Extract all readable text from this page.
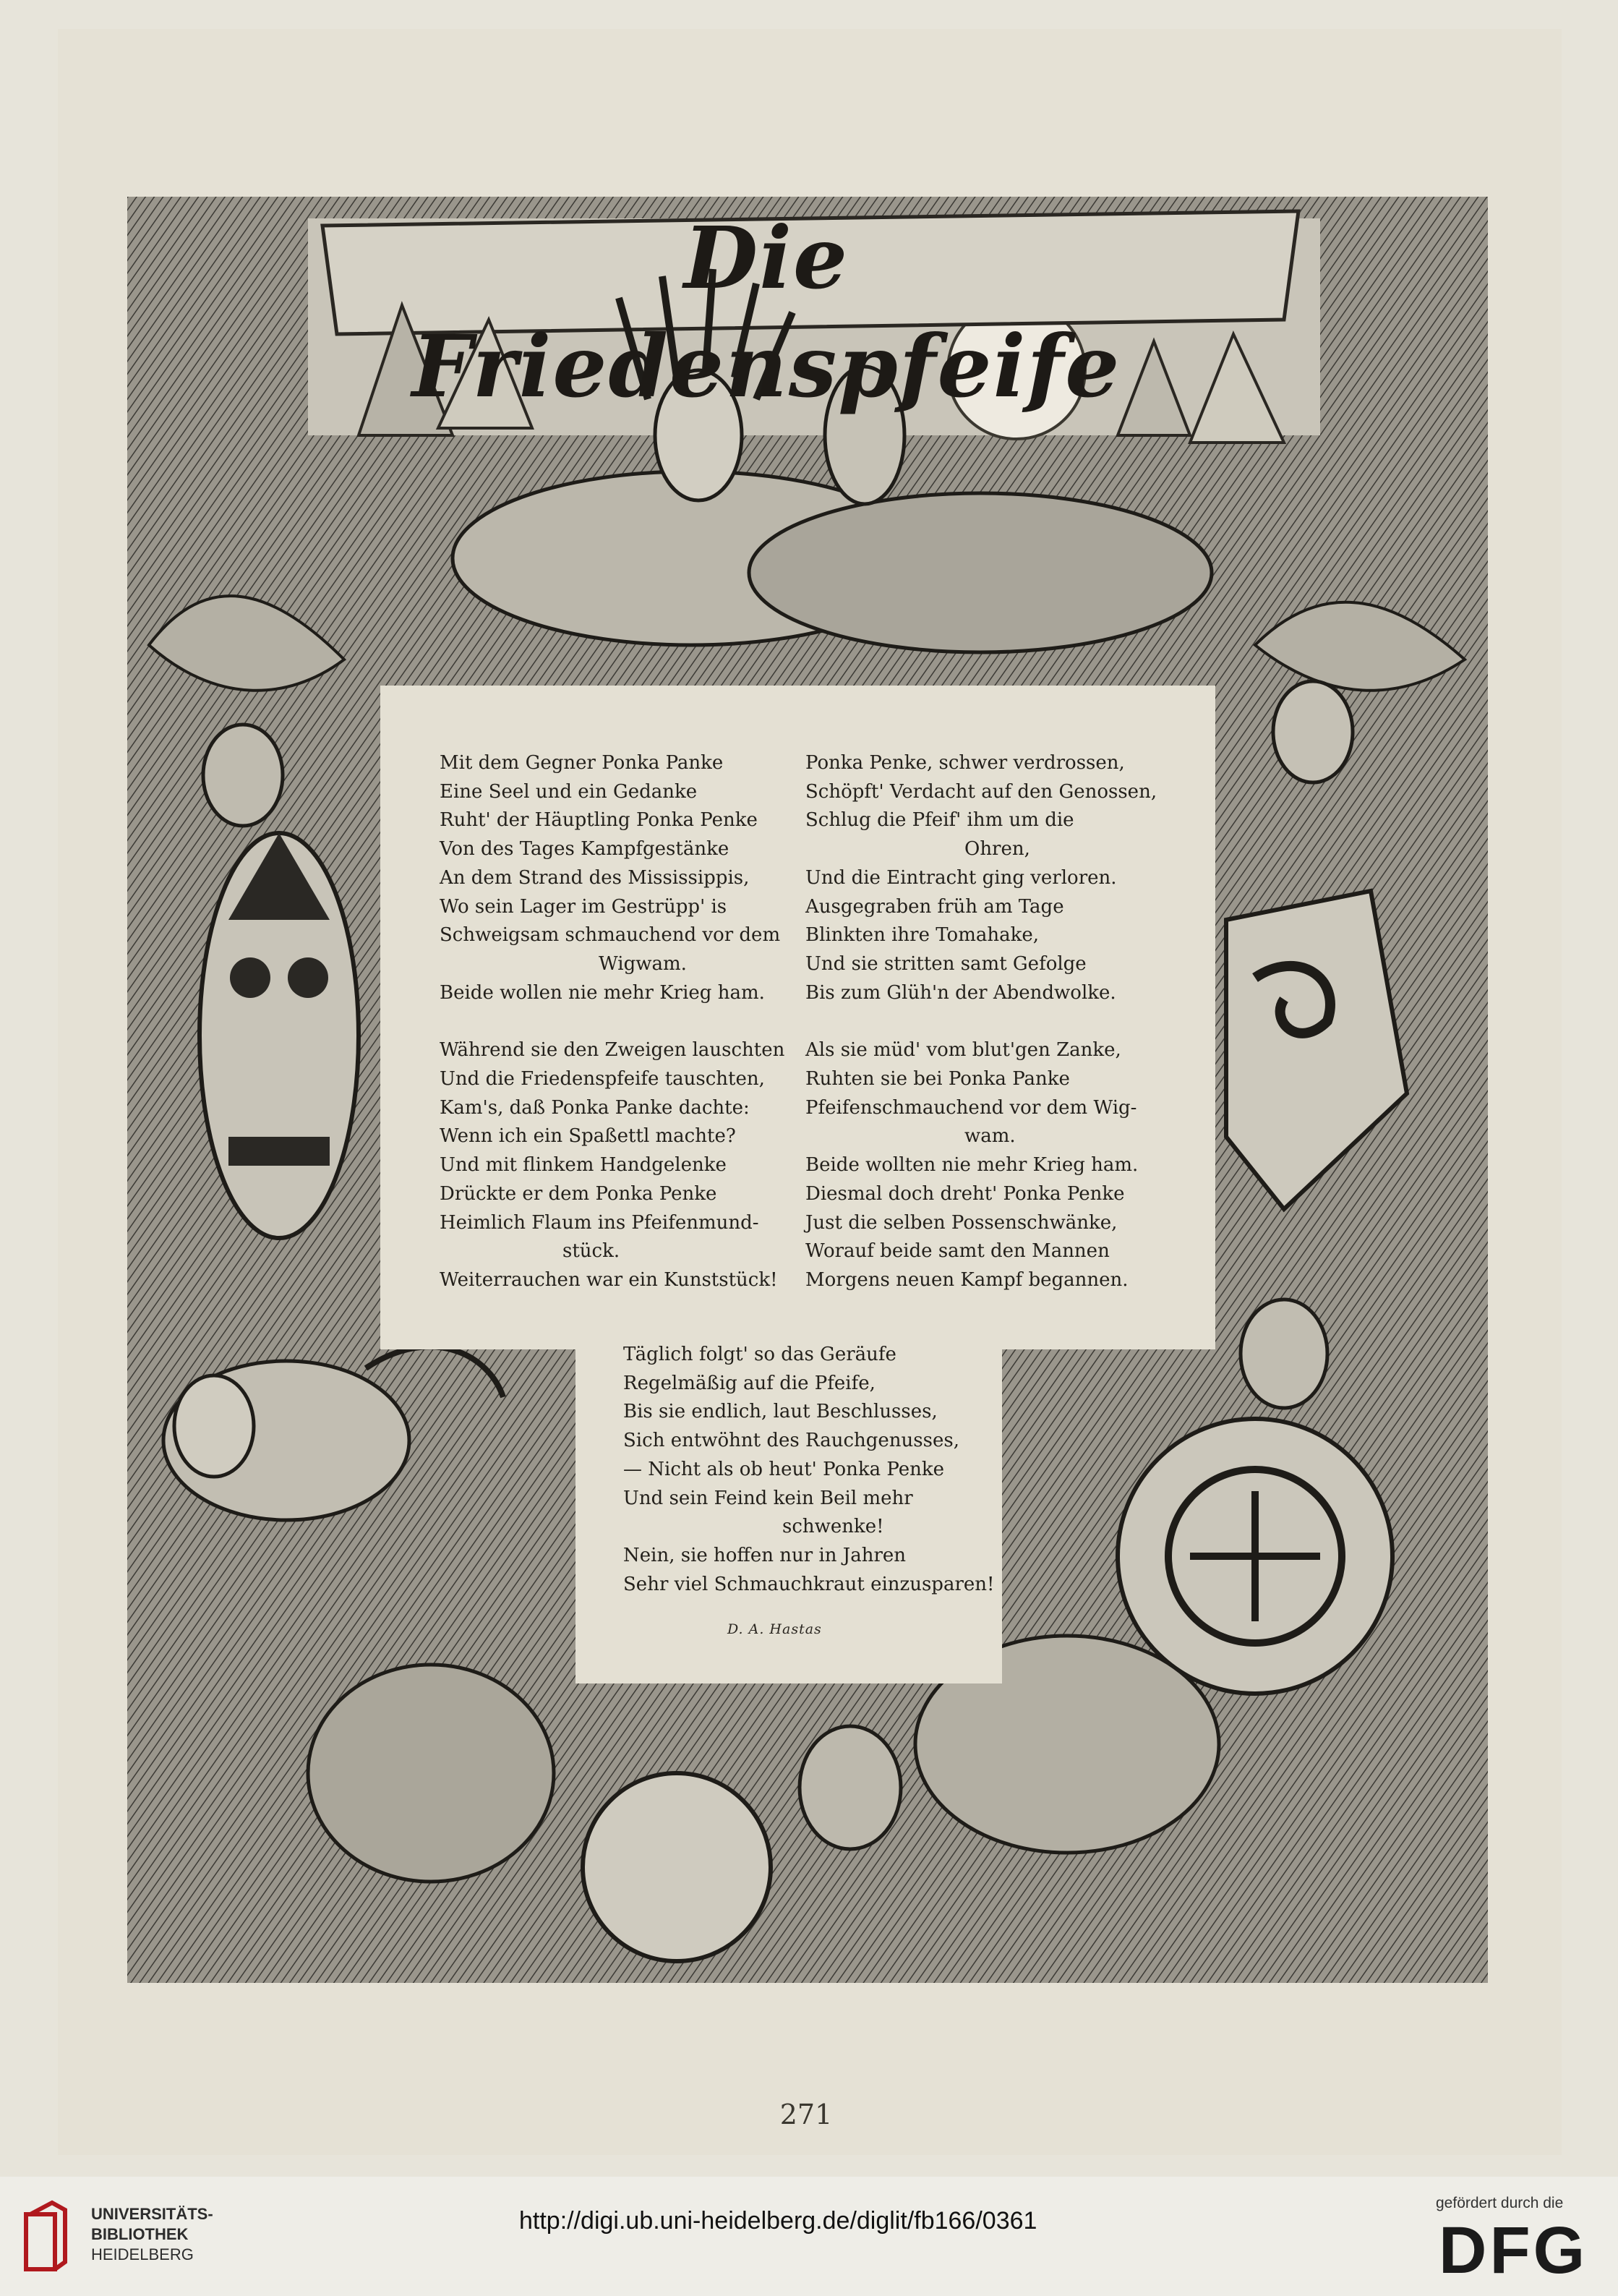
Die Friedenspfeife
Mit dem Gegner Ponka Panke
Eine Seel und ein Gedanke
Ruht' der Häuptling Ponka Penke
Von des Tages Kampfgestänke
An dem Strand des Mississippis,
Wo sein Lager im Gestrüpp' is
Schweigsam schmauchend vor dem
Wigwam.
Beide wollen nie mehr Krieg ham.
Während sie den Zweigen lauschten
Und die Friedenspfeife tauschten,
Kam's, daß Ponka Panke dachte:
Wenn ich ein Spaßettl machte?
Und mit flinkem Handgelenke
Drückte er dem Ponka Penke
Heimlich Flaum ins Pfeifenmund-
stück.
Weiterrauchen war ein Kunststück!
Ponka Penke, schwer verdrossen,
Schöpft' Verdacht auf den Genossen,
Schlug die Pfeif' ihm um die
Ohren,
Und die Eintracht ging verloren.
Ausgegraben früh am Tage
Blinkten ihre Tomahake,
Und sie stritten samt Gefolge
Bis zum Glüh'n der Abendwolke.
Als sie müd' vom blut'gen Zanke,
Ruhten sie bei Ponka Panke
Pfeifenschmauchend vor dem Wig-
wam.
Beide wollten nie mehr Krieg ham.
Diesmal doch dreht' Ponka Penke
Just die selben Possenschwänke,
Worauf beide samt den Mannen
Morgens neuen Kampf begannen.
Täglich folgt' so das Geräufe
Regelmäßig auf die Pfeife,
Bis sie endlich, laut Beschlusses,
Sich entwöhnt des Rauchgenusses,
— Nicht als ob heut' Ponka Penke
Und sein Feind kein Beil mehr
schwenke!
Nein, sie hoffen nur in Jahren
Sehr viel Schmauchkraut einzusparen!
D. A. Hastas
271
UNIVERSITÄTS-
BIBLIOTHEK
HEIDELBERG
http://digi.ub.uni-heidelberg.de/diglit/fb166/0361
gefördert durch die
DFG
